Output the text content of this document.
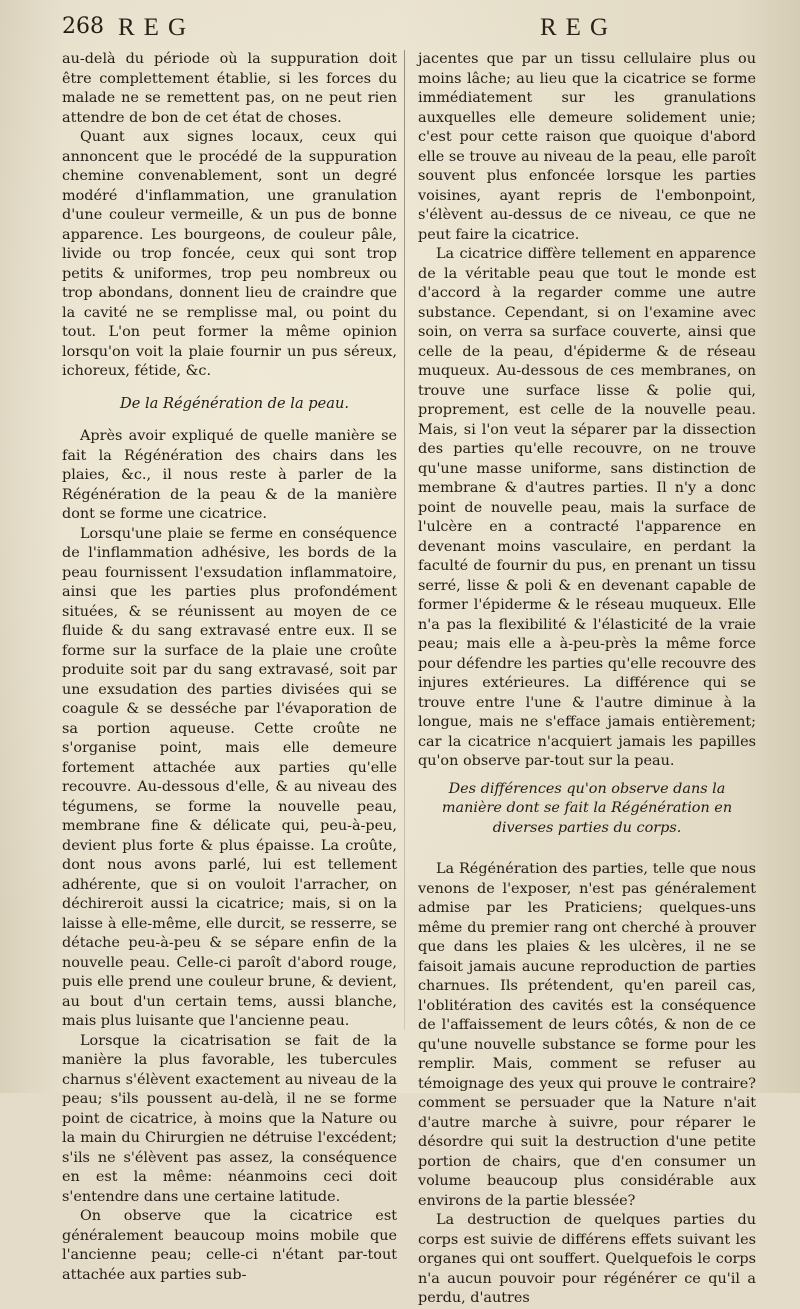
268 REG	REG

au-delà du période où la suppuration doit être complettement établie, si les forces du malade ne se remettent pas, on ne peut rien attendre de bon de cet état de choses.

Quant aux signes locaux, ceux qui annoncent que le procédé de la suppuration chemine convenablement, sont un degré modéré d'inflammation, une granulation d'une couleur vermeille, & un pus de bonne apparence. Les bourgeons, de couleur pâle, livide ou trop foncée, ceux qui sont trop petits & uniformes, trop peu nombreux ou trop abondans, donnent lieu de craindre que la cavité ne se remplisse mal, ou point du tout. L'on peut former la même opinion lorsqu'on voit la plaie fournir un pus séreux, ichoreux, fétide, &c.

De la Régénération de la peau.

Après avoir expliqué de quelle manière se fait la Régénération des chairs dans les plaies, &c., il nous reste à parler de la Régénération de la peau & de la manière dont se forme une cicatrice.

Lorsqu'une plaie se ferme en conséquence de l'inflammation adhésive, les bords de la peau fournissent l'exsudation inflammatoire, ainsi que les parties plus profondément situées, & se réunissent au moyen de ce fluide & du sang extravasé entre eux. Il se forme sur la surface de la plaie une croûte produite soit par du sang extravasé, soit par une exsudation des parties divisées qui se coagule & se desséche par l'évaporation de sa portion aqueuse. Cette croûte ne s'organise point, mais elle demeure fortement attachée aux parties qu'elle recouvre. Au-dessous d'elle, & au niveau des tégumens, se forme la nouvelle peau, membrane fine & délicate qui, peu-à-peu, devient plus forte & plus épaisse. La croûte, dont nous avons parlé, lui est tellement adhérente, que si on vouloit l'arracher, on déchireroit aussi la cicatrice; mais, si on la laisse à elle-même, elle durcit, se resserre, se détache peu-à-peu & se sépare enfin de la nouvelle peau. Celle-ci paroît d'abord rouge, puis elle prend une couleur brune, & devient, au bout d'un certain tems, aussi blanche, mais plus luisante que l'ancienne peau.

Lorsque la cicatrisation se fait de la manière la plus favorable, les tubercules charnus s'élèvent exactement au niveau de la peau; s'ils poussent au-delà, il ne se forme point de cicatrice, à moins que la Nature ou la main du Chirurgien ne détruise l'excédent; s'ils ne s'élèvent pas assez, la conséquence en est la même: néanmoins ceci doit s'entendre dans une certaine latitude.

On observe que la cicatrice est généralement beaucoup moins mobile que l'ancienne peau; celle-ci n'étant par-tout attachée aux parties sub-

jacentes que par un tissu cellulaire plus ou moins lâche; au lieu que la cicatrice se forme immédiatement sur les granulations auxquelles elle demeure solidement unie; c'est pour cette raison que quoique d'abord elle se trouve au niveau de la peau, elle paroît souvent plus enfoncée lorsque les parties voisines, ayant repris de l'embonpoint, s'élèvent au-dessus de ce niveau, ce que ne peut faire la cicatrice.

La cicatrice diffère tellement en apparence de la véritable peau que tout le monde est d'accord à la regarder comme une autre substance. Cependant, si on l'examine avec soin, on verra sa surface couverte, ainsi que celle de la peau, d'épiderme & de réseau muqueux. Au-dessous de ces membranes, on trouve une surface lisse & polie qui, proprement, est celle de la nouvelle peau. Mais, si l'on veut la séparer par la dissection des parties qu'elle recouvre, on ne trouve qu'une masse uniforme, sans distinction de membrane & d'autres parties. Il n'y a donc point de nouvelle peau, mais la surface de l'ulcère en a contracté l'apparence en devenant moins vasculaire, en perdant la faculté de fournir du pus, en prenant un tissu serré, lisse & poli & en devenant capable de former l'épiderme & le réseau muqueux. Elle n'a pas la flexibilité & l'élasticité de la vraie peau; mais elle a à-peu-près la même force pour défendre les parties qu'elle recouvre des injures extérieures. La différence qui se trouve entre l'une & l'autre diminue à la longue, mais ne s'efface jamais entièrement; car la cicatrice n'acquiert jamais les papilles qu'on observe par-tout sur la peau.

Des différences qu'on observe dans la manière dont se fait la Régénération en diverses parties du corps.

La Régénération des parties, telle que nous venons de l'exposer, n'est pas généralement admise par les Praticiens; quelques-uns même du premier rang ont cherché à prouver que dans les plaies & les ulcères, il ne se faisoit jamais aucune reproduction de parties charnues. Ils prétendent, qu'en pareil cas, l'oblitération des cavités est la conséquence de l'affaissement de leurs côtés, & non de ce qu'une nouvelle substance se forme pour les remplir. Mais, comment se refuser au témoignage des yeux qui prouve le contraire? comment se persuader que la Nature n'ait d'autre marche à suivre, pour réparer le désordre qui suit la destruction d'une petite portion de chairs, que d'en consumer un volume beaucoup plus considérable aux environs de la partie blessée?

La destruction de quelques parties du corps est suivie de différens effets suivant les organes qui ont souffert. Quelquefois le corps n'a aucun pouvoir pour régénérer ce qu'il a perdu, d'autres
